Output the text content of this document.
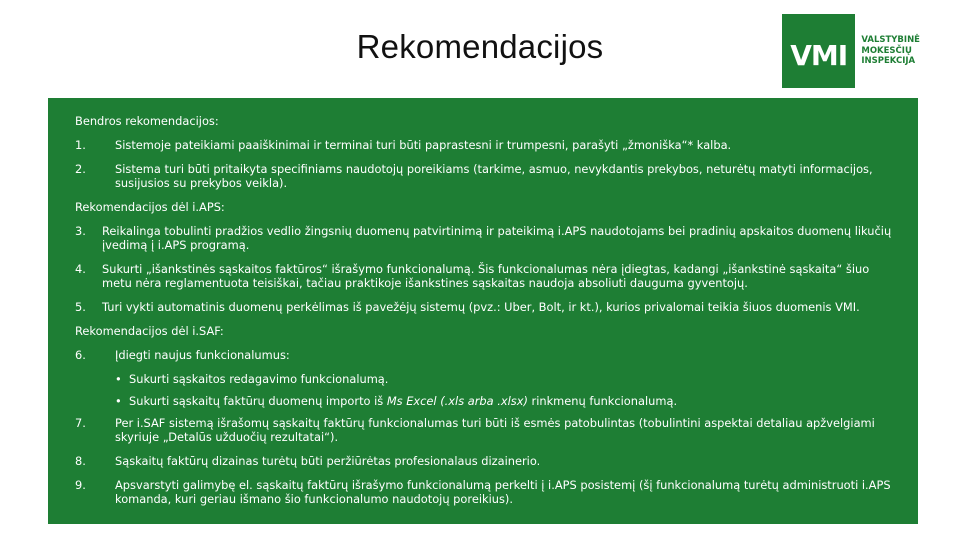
Rekomendacijos	VMI VALSTYBINĖ
MOKESČIŲ
INSPEKCIJA
Bendros rekomendacijos:
1.	Sistemoje pateikiami paaiškinimai ir terminai turi būti paprastesni ir trumpesni, parašyti „žmoniška“* kalba.
2.	Sistema turi būti pritaikyta specifiniams naudotojų poreikiams (tarkime, asmuo, nevykdantis prekybos, neturėtų matyti informacijos, susijusios su prekybos veikla).
Rekomendacijos dėl i.APS:
3.	Reikalinga tobulinti pradžios vedlio žingsnių duomenų patvirtinimą ir pateikimą i.APS naudotojams bei pradinių apskaitos duomenų likučių įvedimą į i.APS programą.
4.	Sukurti „išankstinės sąskaitos faktūros“ išrašymo funkcionalumą. Šis funkcionalumas nėra įdiegtas, kadangi „išankstinė sąskaita“ šiuo metu nėra reglamentuota teisiškai, tačiau praktikoje išankstines sąskaitas naudoja absoliuti dauguma gyventojų.
5.	Turi vykti automatinis duomenų perkėlimas iš pavežėjų sistemų (pvz.: Uber, Bolt, ir kt.), kurios privalomai teikia šiuos duomenis VMI.
Rekomendacijos dėl i.SAF:
6.	Įdiegti naujus funkcionalumus:
• Sukurti sąskaitos redagavimo funkcionalumą.
• Sukurti sąskaitų faktūrų duomenų importo iš Ms Excel (.xls arba .xlsx) rinkmenų funkcionalumą.
7.	Per i.SAF sistemą išrašomų sąskaitų faktūrų funkcionalumas turi būti iš esmės patobulintas (tobulintini aspektai detaliau apžvelgiami skyriuje „Detalūs užduočių rezultatai“).
8.	Sąskaitų faktūrų dizainas turėtų būti peržiūrėtas profesionalaus dizainerio.
9.	Apsvarstyti galimybę el. sąskaitų faktūrų išrašymo funkcionalumą perkelti į i.APS posistemį (šį funkcionalumą turėtų administruoti i.APS komanda, kuri geriau išmano šio funkcionalumo naudotojų poreikius).
